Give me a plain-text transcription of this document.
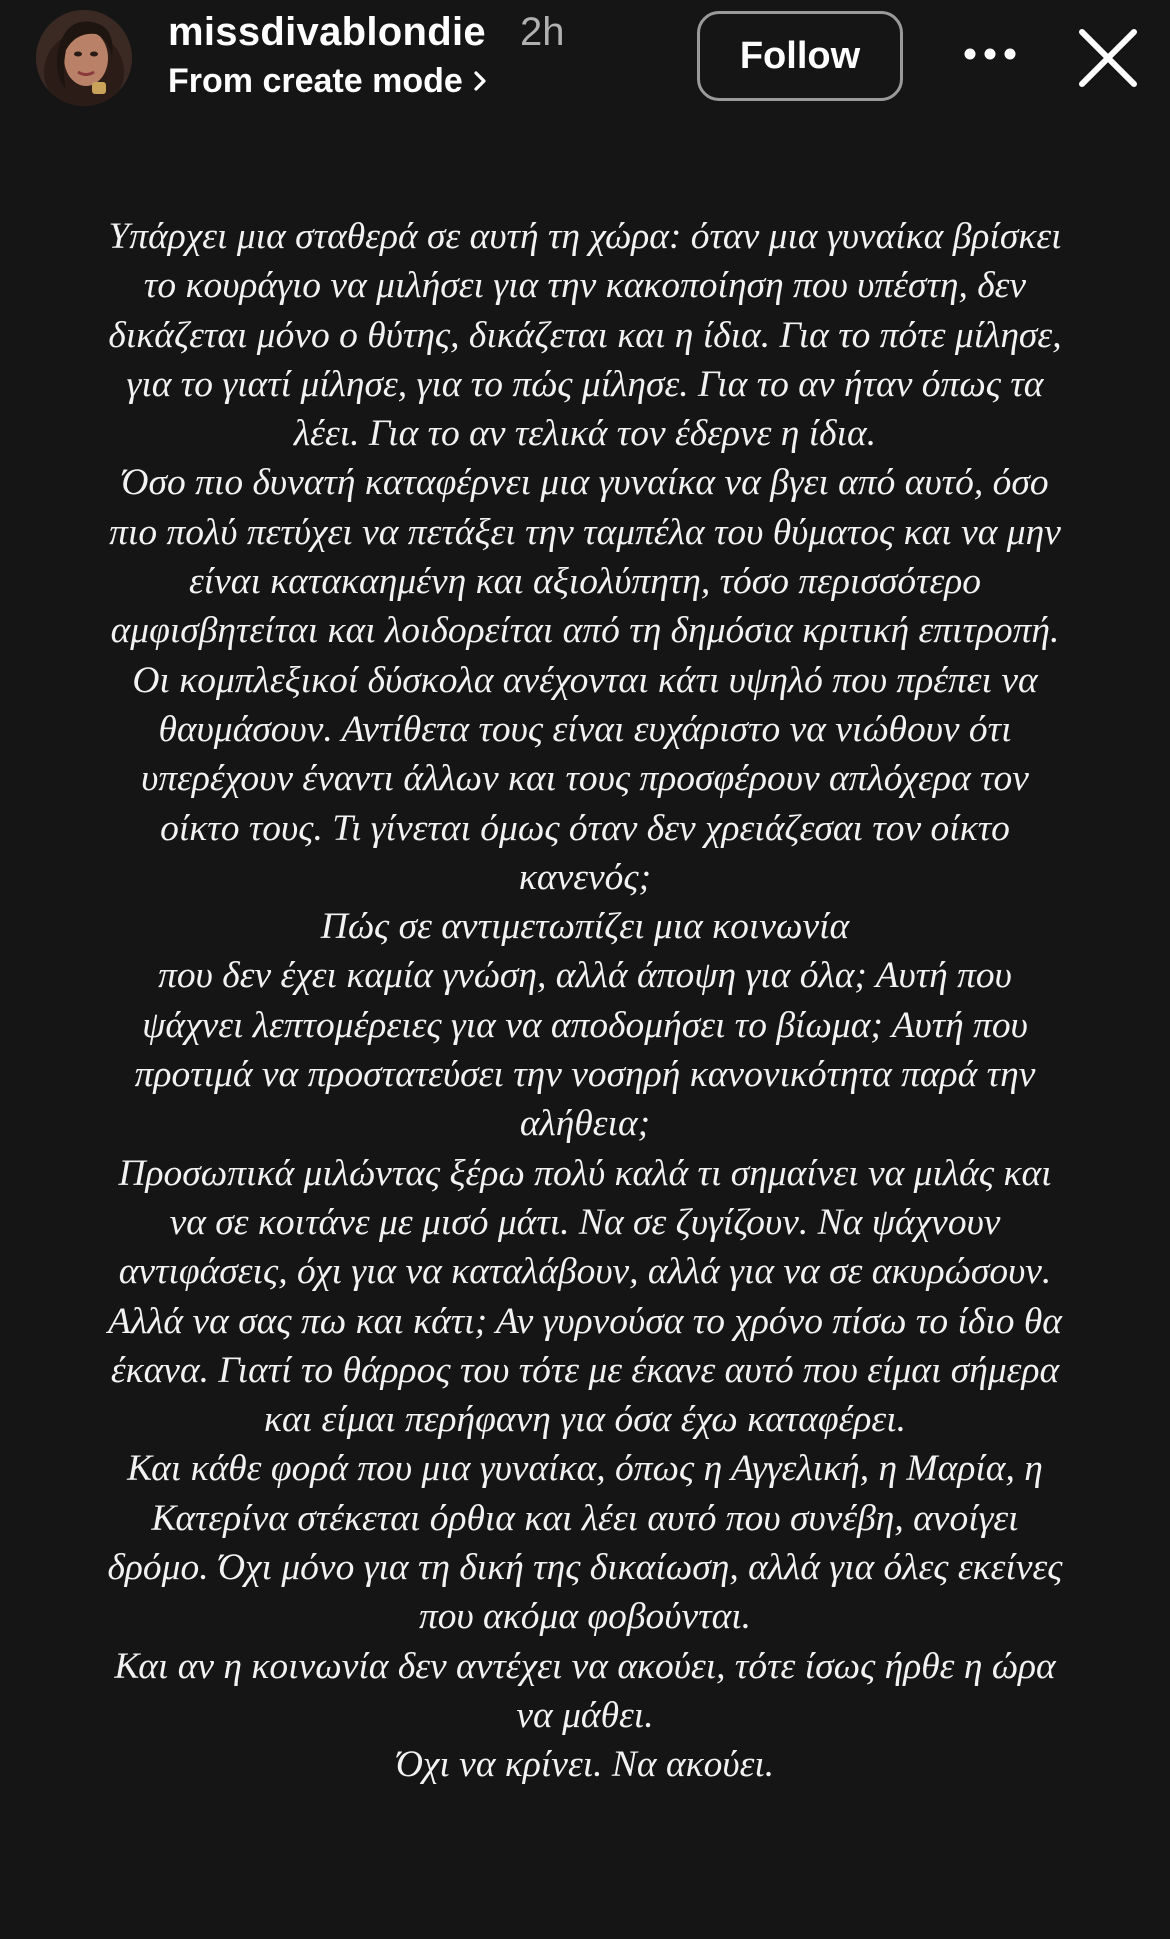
missdivablondie 2h
From create mode
Follow
Υπάρχει μια σταθερά σε αυτή τη χώρα: όταν μια γυναίκα βρίσκει
το κουράγιο να μιλήσει για την κακοποίηση που υπέστη, δεν
δικάζεται μόνο ο θύτης, δικάζεται και η ίδια. Για το πότε μίλησε,
για το γιατί μίλησε, για το πώς μίλησε. Για το αν ήταν όπως τα
λέει. Για το αν τελικά τον έδερνε η ίδια.
Όσο πιο δυνατή καταφέρνει μια γυναίκα να βγει από αυτό, όσο
πιο πολύ πετύχει να πετάξει την ταμπέλα του θύματος και να μην
είναι κατακαημένη και αξιολύπητη, τόσο περισσότερο
αμφισβητείται και λοιδορείται από τη δημόσια κριτική επιτροπή.
Οι κομπλεξικοί δύσκολα ανέχονται κάτι υψηλό που πρέπει να
θαυμάσουν. Αντίθετα τους είναι ευχάριστο να νιώθουν ότι
υπερέχουν έναντι άλλων και τους προσφέρουν απλόχερα τον
οίκτο τους. Τι γίνεται όμως όταν δεν χρειάζεσαι τον οίκτο
κανενός;
Πώς σε αντιμετωπίζει μια κοινωνία
που δεν έχει καμία γνώση, αλλά άποψη για όλα; Αυτή που
ψάχνει λεπτομέρειες για να αποδομήσει το βίωμα; Αυτή που
προτιμά να προστατεύσει την νοσηρή κανονικότητα παρά την
αλήθεια;
Προσωπικά μιλώντας ξέρω πολύ καλά τι σημαίνει να μιλάς και
να σε κοιτάνε με μισό μάτι. Να σε ζυγίζουν. Να ψάχνουν
αντιφάσεις, όχι για να καταλάβουν, αλλά για να σε ακυρώσουν.
Αλλά να σας πω και κάτι; Αν γυρνούσα το χρόνο πίσω το ίδιο θα
έκανα. Γιατί το θάρρος του τότε με έκανε αυτό που είμαι σήμερα
και είμαι περήφανη για όσα έχω καταφέρει.
Και κάθε φορά που μια γυναίκα, όπως η Αγγελική, η Μαρία, η
Κατερίνα στέκεται όρθια και λέει αυτό που συνέβη, ανοίγει
δρόμο. Όχι μόνο για τη δική της δικαίωση, αλλά για όλες εκείνες
που ακόμα φοβούνται.
Και αν η κοινωνία δεν αντέχει να ακούει, τότε ίσως ήρθε η ώρα
να μάθει.
Όχι να κρίνει. Να ακούει.
